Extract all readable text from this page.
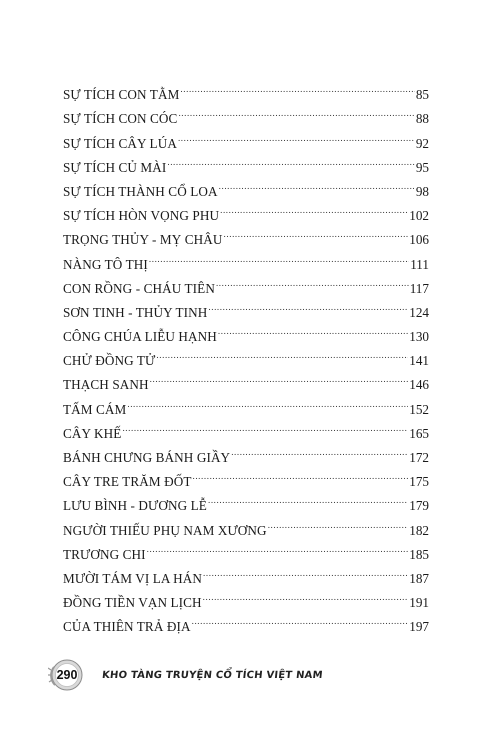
SỰ TÍCH CON TẰM .....	85
SỰ TÍCH CON CÓC .....	88
SỰ TÍCH CÂY LÚA .....	92
SỰ TÍCH CỦ MÀI .....	95
SỰ TÍCH THÀNH CỔ LOA .....	98
SỰ TÍCH HÒN VỌNG PHU .....	102
TRỌNG THỦY - MỴ CHÂU .....	106
NÀNG TÔ THỊ .....	111
CON RỒNG - CHÁU TIÊN .....	117
SƠN TINH - THỦY TINH .....	124
CÔNG CHÚA LIỄU HẠNH .....	130
CHỬ ĐỒNG TỬ .....	141
THẠCH SANH .....	146
TẤM CÁM .....	152
CÂY KHẾ .....	165
BÁNH CHƯNG BÁNH GIẦY .....	172
CÂY TRE TRĂM ĐỐT .....	175
LƯU BÌNH - DƯƠNG LỄ .....	179
NGƯỜI THIẾU PHỤ NAM XƯƠNG .....	182
TRƯƠNG CHI .....	185
MƯỜI TÁM VỊ LA HÁN .....	187
ĐỒNG TIỀN VẠN LỊCH .....	191
CỦA THIÊN TRẢ ĐỊA .....	197
290	KHO TÀNG TRUYỆN CỔ TÍCH VIỆT NAM
